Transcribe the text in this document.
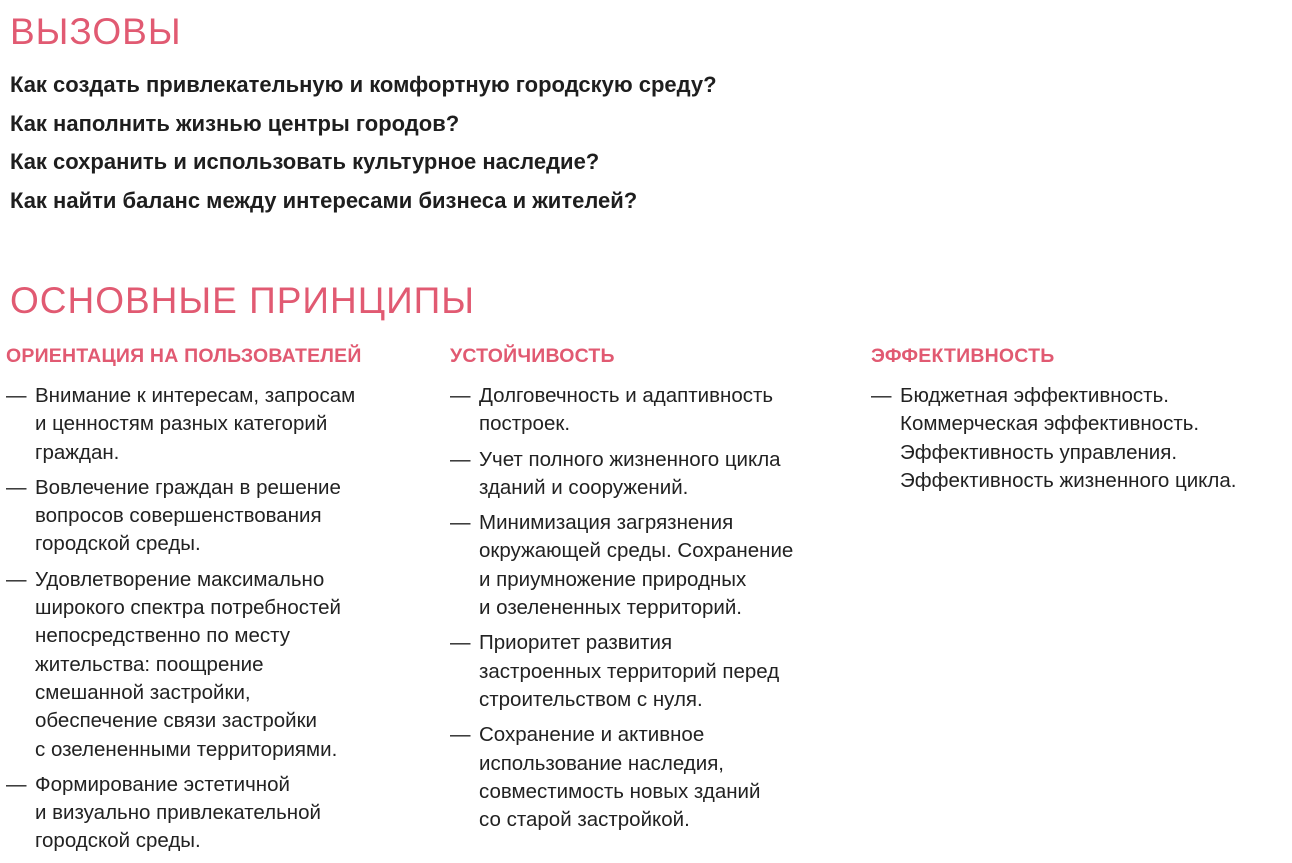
ВЫЗОВЫ
Как создать привлекательную и комфортную городскую среду?
Как наполнить жизнью центры городов?
Как сохранить и использовать культурное наследие?
Как найти баланс между интересами бизнеса и жителей?
ОСНОВНЫЕ ПРИНЦИПЫ
ОРИЕНТАЦИЯ НА ПОЛЬЗОВАТЕЛЕЙ
— Внимание к интересам, запросам
и ценностям разных категорий
граждан.
— Вовлечение граждан в решение
вопросов совершенствования
городской среды.
— Удовлетворение максимально
широкого спектра потребностей
непосредственно по месту
жительства: поощрение
смешанной застройки,
обеспечение связи застройки
с озелененными территориями.
— Формирование эстетичной
и визуально привлекательной
городской среды.
УСТОЙЧИВОСТЬ
— Долговечность и адаптивность
построек.
— Учет полного жизненного цикла
зданий и сооружений.
— Минимизация загрязнения
окружающей среды. Сохранение
и приумножение природных
и озелененных территорий.
— Приоритет развития
застроенных территорий перед
строительством с нуля.
— Сохранение и активное
использование наследия,
совместимость новых зданий
со старой застройкой.
ЭФФЕКТИВНОСТЬ
— Бюджетная эффективность.
Коммерческая эффективность.
Эффективность управления.
Эффективность жизненного цикла.
